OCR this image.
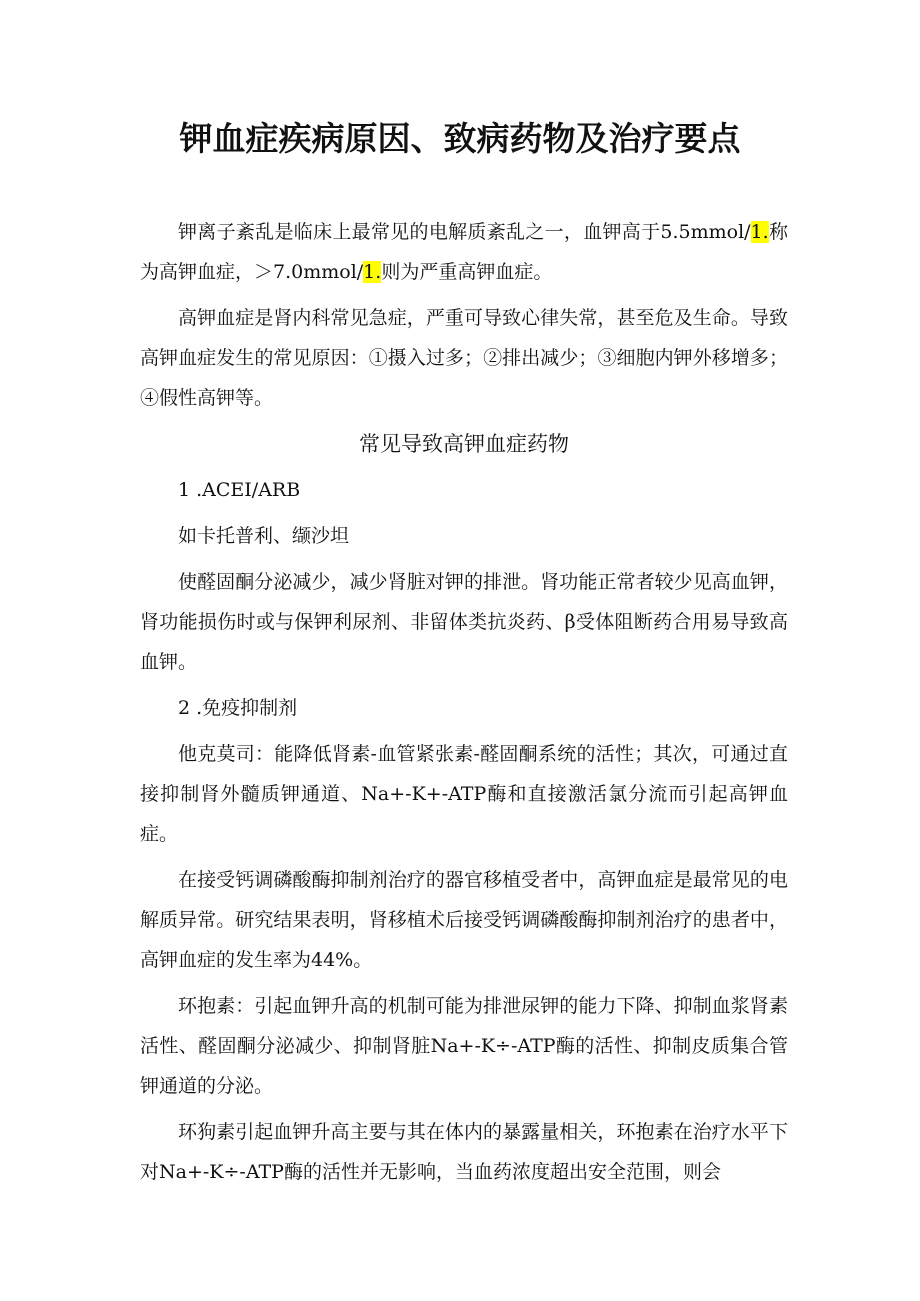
钾血症疾病原因、致病药物及治疗要点

钾离子紊乱是临床上最常见的电解质紊乱之一，血钾高于5.5mmol/1.称为高钾血症，＞7.0mmol/1.则为严重高钾血症。

高钾血症是肾内科常见急症，严重可导致心律失常，甚至危及生命。导致高钾血症发生的常见原因：①摄入过多；②排出减少；③细胞内钾外移增多；④假性高钾等。

常见导致高钾血症药物

1 .ACEI/ARB

如卡托普利、缬沙坦

使醛固酮分泌减少，减少肾脏对钾的排泄。肾功能正常者较少见高血钾，肾功能损伤时或与保钾利尿剂、非留体类抗炎药、β受体阻断药合用易导致高血钾。

2 .免疫抑制剂

他克莫司：能降低肾素-血管紧张素-醛固酮系统的活性；其次，可通过直接抑制肾外髓质钾通道、Na+-K+-ATP酶和直接激活氯分流而引起高钾血症。

在接受钙调磷酸酶抑制剂治疗的器官移植受者中，高钾血症是最常见的电解质异常。研究结果表明，肾移植术后接受钙调磷酸酶抑制剂治疗的患者中，高钾血症的发生率为44%。

环抱素：引起血钾升高的机制可能为排泄尿钾的能力下降、抑制血浆肾素活性、醛固酮分泌减少、抑制肾脏Na+-K÷-ATP酶的活性、抑制皮质集合管钾通道的分泌。

环狗素引起血钾升高主要与其在体内的暴露量相关，环抱素在治疗水平下对Na+-K÷-ATP酶的活性并无影响，当血药浓度超出安全范围，则会
